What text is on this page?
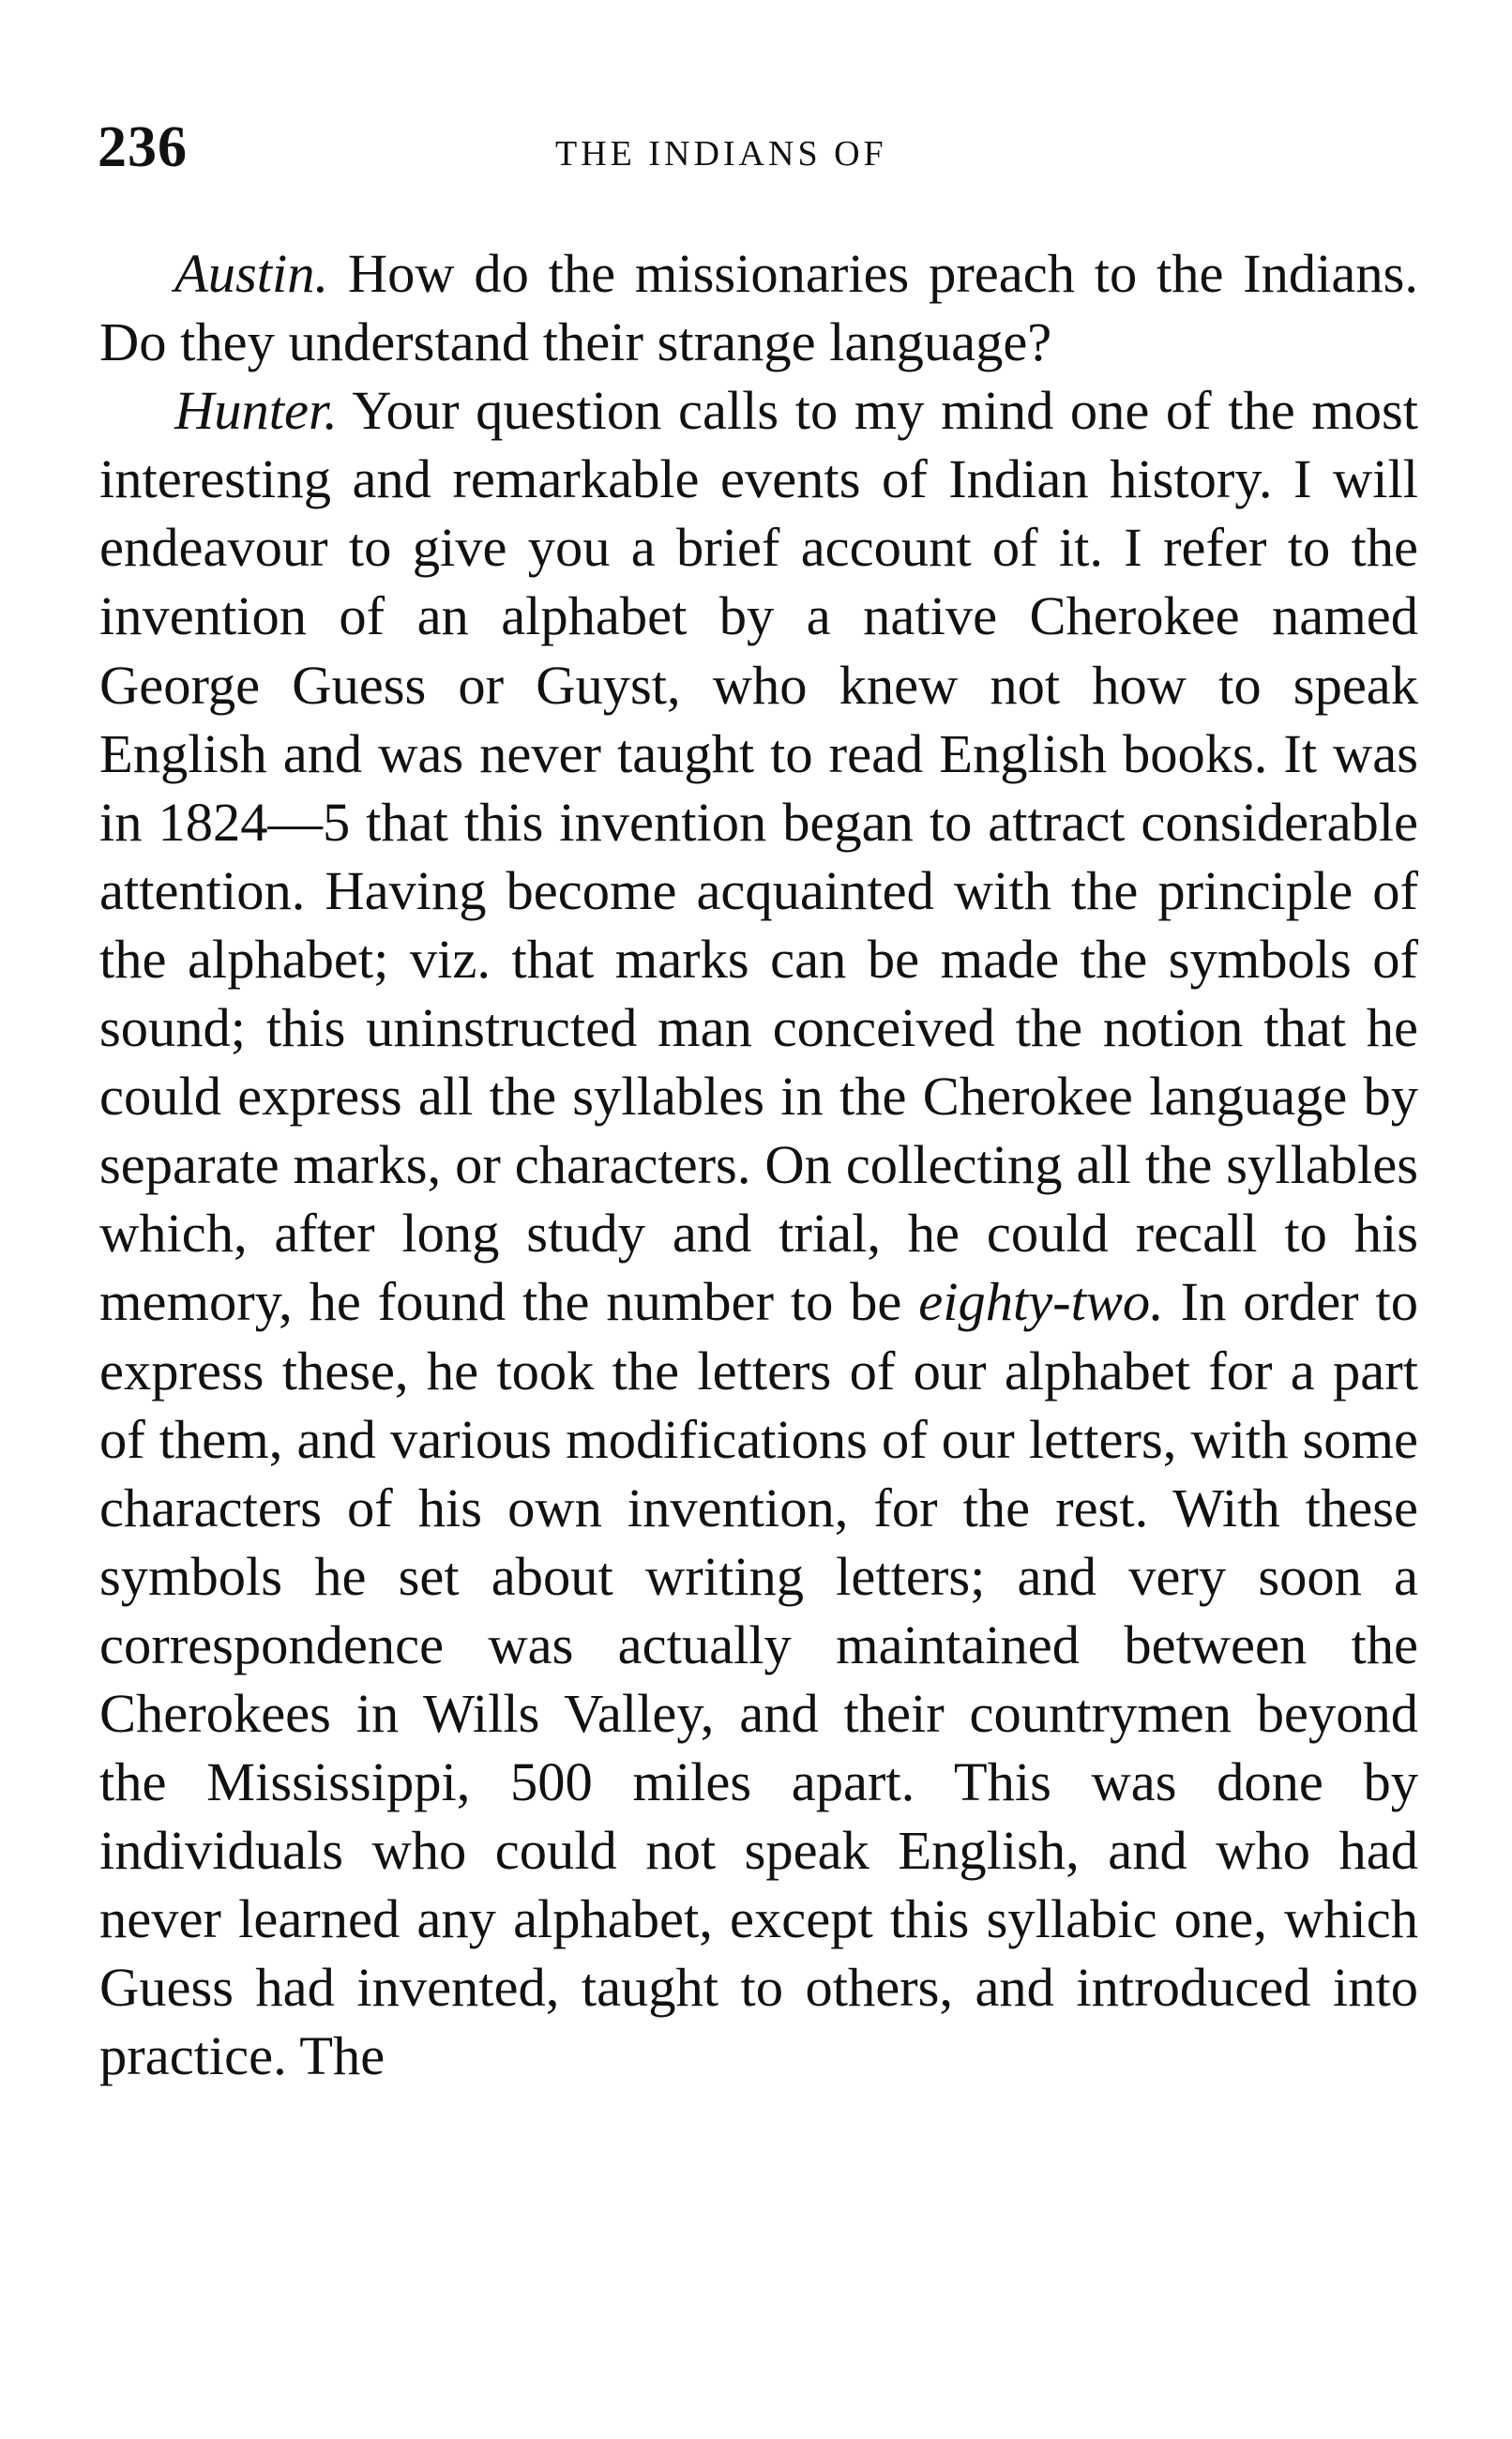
236	THE INDIANS OF

Austin. How do the missionaries preach to the Indians. Do they understand their strange language?

Hunter. Your question calls to my mind one of the most interesting and remarkable events of Indian history. I will endeavour to give you a brief account of it. I refer to the invention of an alphabet by a native Cherokee named George Guess or Guyst, who knew not how to speak English and was never taught to read English books. It was in 1824—5 that this invention began to attract considerable attention. Having become acquainted with the principle of the alphabet; viz. that marks can be made the symbols of sound; this uninstructed man conceived the notion that he could express all the syllables in the Cherokee language by separate marks, or characters. On collecting all the syllables which, after long study and trial, he could recall to his memory, he found the number to be eighty-two. In order to express these, he took the letters of our alphabet for a part of them, and various modifications of our letters, with some characters of his own invention, for the rest. With these symbols he set about writing letters; and very soon a correspondence was actually maintained between the Cherokees in Wills Valley, and their countrymen beyond the Mississippi, 500 miles apart. This was done by individuals who could not speak English, and who had never learned any alphabet, except this syllabic one, which Guess had invented, taught to others, and introduced into practice. The
